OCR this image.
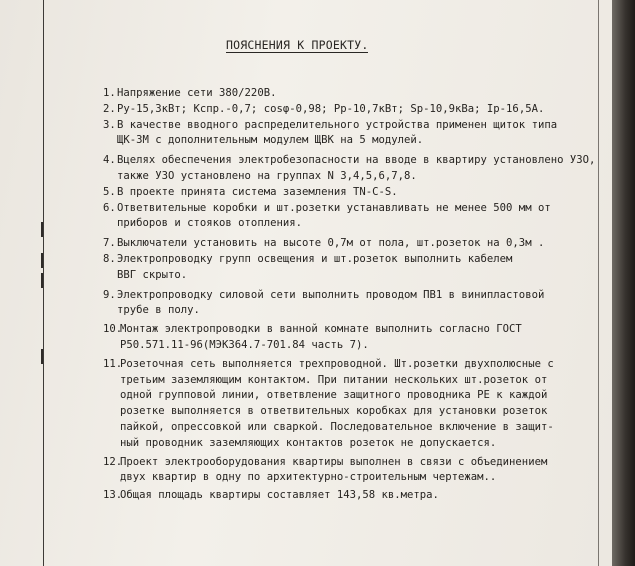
ПОЯСНЕНИЯ К ПРОЕКТУ.
1. Напряжение сети 380/220В.
2. Ру-15,3кВт; Кспр.-0,7; cosφ-0,98; Рр-10,7кВт; Sp-10,9кВа; Iр-16,5А.
3. В качестве вводного распределительного устройства применен щиток типа
ЩК-3М с дополнительным модулем ЩВК на 5 модулей.
4. Вцелях обеспечения электробезопасности на вводе в квартиру установлено УЗО,
также УЗО установлено на группах N 3,4,5,6,7,8.
5. В проекте принята система заземления TN-C-S.
6. Ответвительные коробки и шт.розетки устанавливать не менее 500 мм от
приборов и стояков отопления.
7. Выключатели установить на высоте 0,7м от пола, шт.розеток на 0,3м .
8. Электропроводку групп освещения и шт.розеток выполнить кабелем
ВВГ скрыто.
9. Электропроводку силовой сети выполнить проводом ПВ1 в винипластовой
трубе в полу.
10.
Монтаж электропроводки в ванной комнате выполнить согласно ГОСТ
Р50.571.11-96(МЭК364.7-701.84 часть 7).
11.
Розеточная сеть выполняется трехпроводной. Шт.розетки двухполюсные с
третьим заземляющим контактом. При питании нескольких шт.розеток от
одной групповой линии, ответвление защитного проводника РЕ к каждой
розетке выполняется в ответвительных коробках для установки розеток
пайкой, опрессовкой или сваркой. Последовательное включение в защит-
ный проводник заземляющих контактов розеток не допускается.
12.
Проект электрооборудования квартиры выполнен в связи с объединением
двух квартир в одну по архитектурно-строительным чертежам..
13.
Общая площадь квартиры составляет 143,58 кв.метра.
